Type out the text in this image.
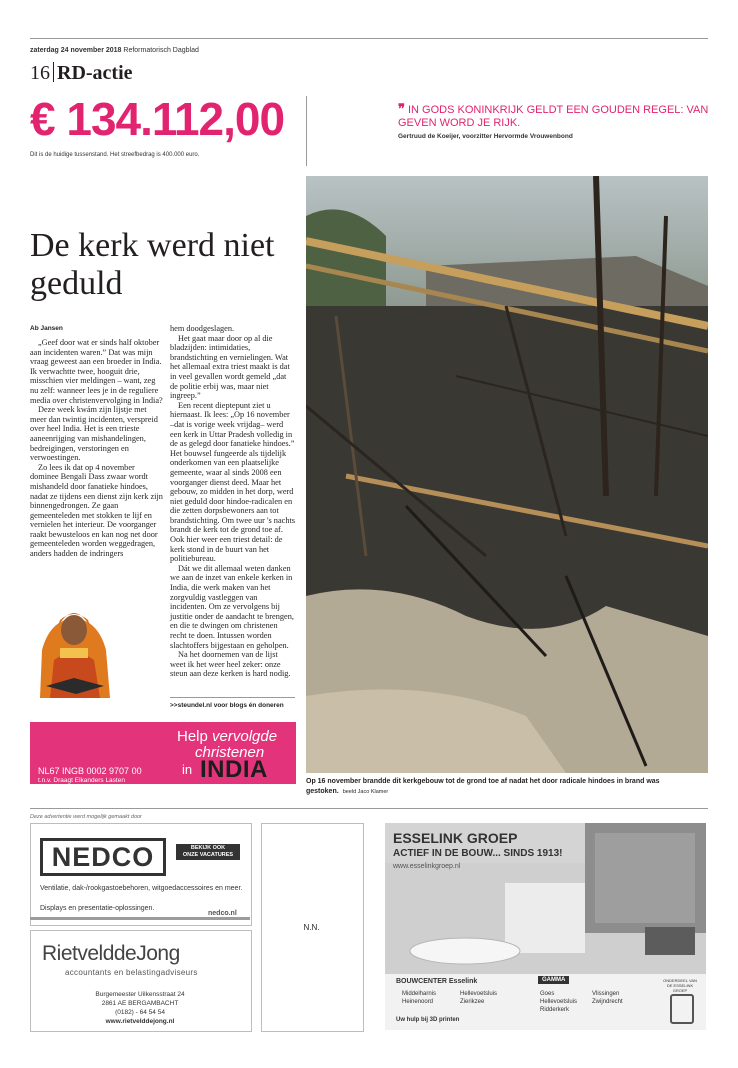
zaterdag 24 november 2018 Reformatorisch Dagblad
16 RD-actie
€ 134.112,00
Dit is de huidige tussenstand. Het streefbedrag is 400.000 euro.
❞ IN GODS KONINKRIJK GELDT EEN GOUDEN REGEL: VAN GEVEN WORD JE RIJK.
Gertruud de Koeijer, voorzitter Hervormde Vrouwenbond
De kerk werd niet geduld
Ab Jansen

„Geef door wat er sinds half oktober aan incidenten waren.” Dat was mijn vraag geweest aan een broeder in India. Ik verwachtte twee, hooguit drie, misschien vier meldingen – want, zeg nu zelf: wanneer lees je in de reguliere media over christenvervolging in India?

Deze week kwám zijn lijstje met meer dan twintig incidenten, verspreid over heel India. Het is een trieste aaneenrijging van mishandelingen, bedreigingen, verstoringen en verwoestingen.

Zo lees ik dat op 4 november dominee Bengali Dass zwaar wordt mishandeld door fanatieke hindoes, nadat ze tijdens een dienst zijn kerk zijn binnengedrongen. Ze gaan gemeenteleden met stokken te lijf en vernielen het interieur. De voorganger raakt bewusteloos en kan nog net door gemeenteleden worden weggedragen, anders hadden de indringers

hem doodgeslagen.

Het gaat maar door op al die bladzijden: intimidaties, brandstichting en vernielingen. Wat het allemaal extra triest maakt is dat in veel gevallen wordt gemeld „dat de politie erbij was, maar niet ingreep.”

Een recent dieptepunt ziet u hiernaast. Ik lees: „Op 16 november –dat is vorige week vrijdag– werd een kerk in Uttar Pradesh volledig in de as gelegd door fanatieke hindoes.” Het bouwsel fungeerde als tijdelijk onderkomen van een plaatselijke gemeente, waar al sinds 2008 een voorganger dienst deed. Maar het gebouw, zo midden in het dorp, werd niet geduld door hindoe-radicalen en die zetten dorpsbewoners aan tot brandstichting. Om twee uur 's nachts brandt de kerk tot de grond toe af. Ook hier weer een triest detail: de kerk stond in de buurt van het politiebureau.

Dát we dit allemaal weten danken we aan de inzet van enkele kerken in India, die werk maken van het zorgvuldig vastleggen van incidenten. Om ze vervolgens bij justitie onder de aandacht te brengen, en die te dwingen om christenen recht te doen. Intussen worden slachtoffers bijgestaan en geholpen.

Na het doornemen van de lijst weet ik het weer heel zeker: onze steun aan deze kerken is hard nodig.

>>steundel.nl voor blogs én doneren
Help vervolgde
christenen
in INDIA
NL67 INGB 0002 9707 00
t.n.v. Draagt Elkanders Lasten	Op 16 november brandde dit kerkgebouw tot de grond toe af nadat het door radicale hindoes in brand was gestoken. beeld Jaco Klamer
Deze advertentie werd mogelijk gemaakt door
NEDCO	BEKIJK OOK
ONZE VACATURES
Ventilatie, dak-/rookgastoebehoren, witgoedaccessoires en meer.
Displays en presentatie-oplossingen.
nedco.nl
RietvelddeJong
accountants en belastingadviseurs
Burgemeester Uilkensstraat 24
2861 AE BERGAMBACHT
(0182) - 64 54 54
www.rietvelddejong.nl
N.N.
ESSELINK GROEP
ACTIEF IN DE BOUW... SINDS 1913!
www.esselinkgroep.nl
BOUWCENTER Esselink	GAMMA
Middelharnis
Heinenoord
Hellevoetsluis
Zierikzee
Goes
Hellevoetsluis
Ridderkerk
Vlissingen
Zwijndrecht
Uw hulp bij 3D printen
ONDERDEEL VAN DE ESSELINK GROEP
